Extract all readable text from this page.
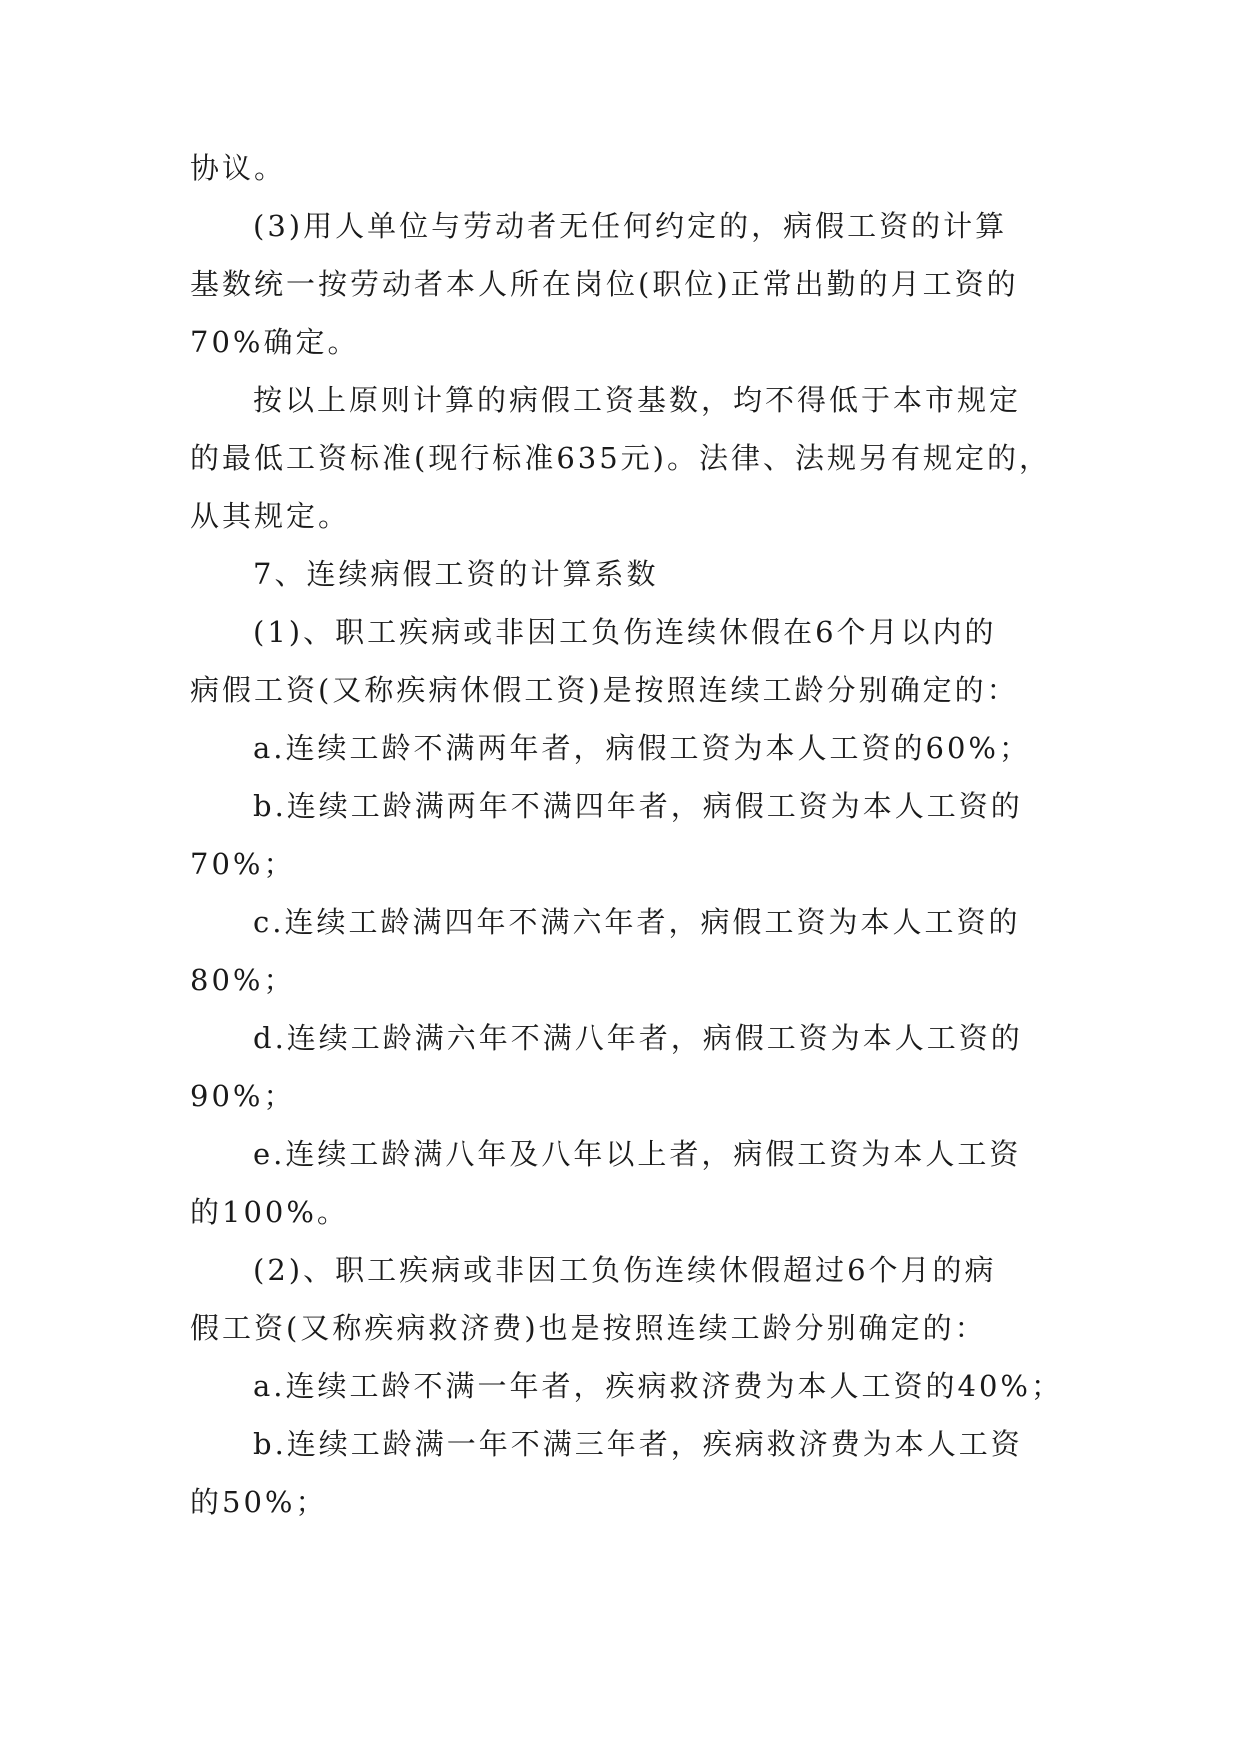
协议。
(3)用人单位与劳动者无任何约定的，病假工资的计算
基数统一按劳动者本人所在岗位(职位)正常出勤的月工资的
70%确定。
按以上原则计算的病假工资基数，均不得低于本市规定
的最低工资标准(现行标准635元)。法律、法规另有规定的，
从其规定。
7、连续病假工资的计算系数
(1)、职工疾病或非因工负伤连续休假在6个月以内的
病假工资(又称疾病休假工资)是按照连续工龄分别确定的：
a.连续工龄不满两年者，病假工资为本人工资的60%；
b.连续工龄满两年不满四年者，病假工资为本人工资的
70%；
c.连续工龄满四年不满六年者，病假工资为本人工资的
80%；
d.连续工龄满六年不满八年者，病假工资为本人工资的
90%；
e.连续工龄满八年及八年以上者，病假工资为本人工资
的100%。
(2)、职工疾病或非因工负伤连续休假超过6个月的病
假工资(又称疾病救济费)也是按照连续工龄分别确定的：
a.连续工龄不满一年者，疾病救济费为本人工资的40%；
b.连续工龄满一年不满三年者，疾病救济费为本人工资
的50%；
